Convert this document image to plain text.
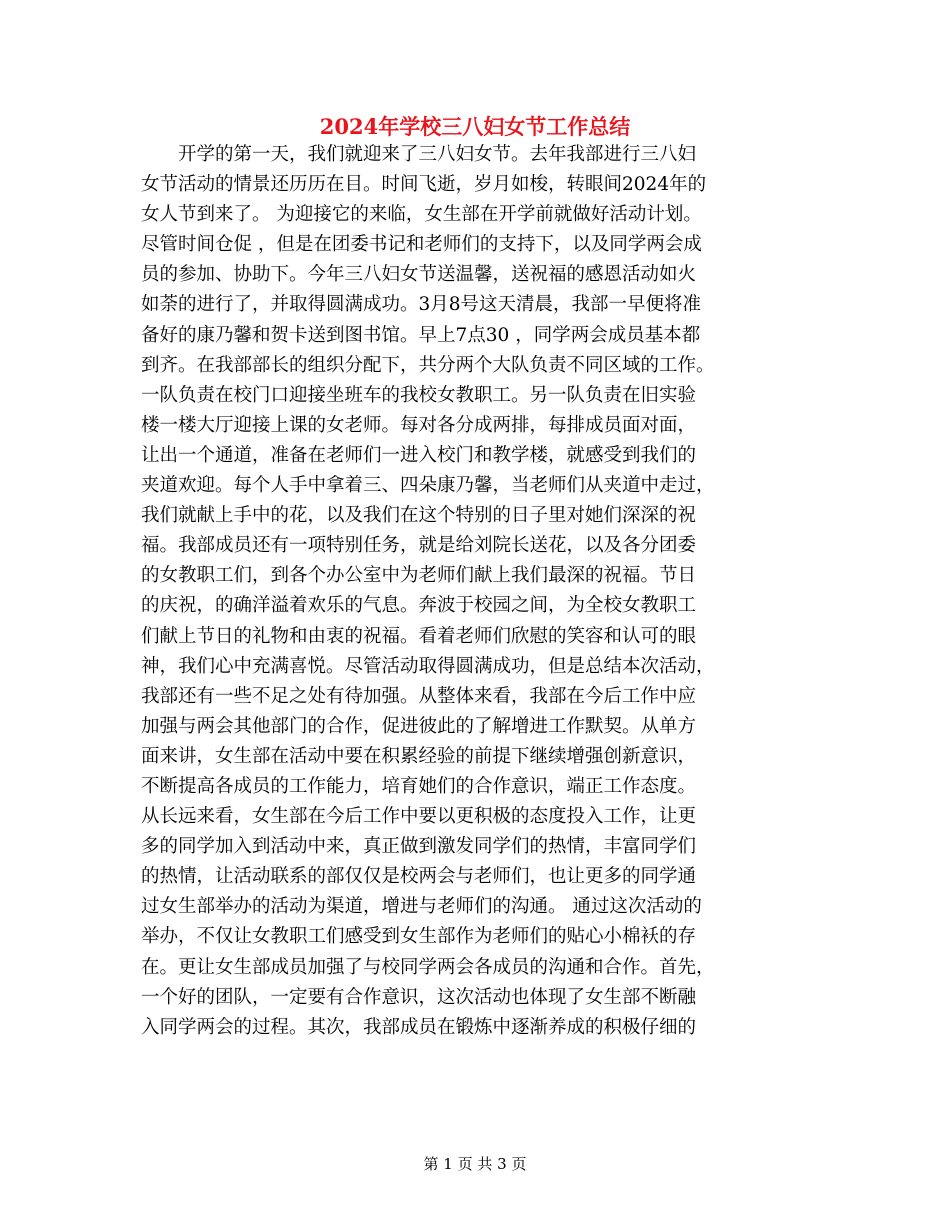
2024年学校三八妇女节工作总结
　　开学的第一天，我们就迎来了三八妇女节。去年我部进行三八妇
女节活动的情景还历历在目。时间飞逝，岁月如梭，转眼间2024年的
女人节到来了。 为迎接它的来临，女生部在开学前就做好活动计划。
尽管时间仓促 ，但是在团委书记和老师们的支持下，以及同学两会成
员的参加、协助下。今年三八妇女节送温馨，送祝福的感恩活动如火
如荼的进行了，并取得圆满成功。3月8号这天清晨，我部一早便将准
备好的康乃馨和贺卡送到图书馆。早上7点30 ，同学两会成员基本都
到齐。在我部部长的组织分配下，共分两个大队负责不同区域的工作。
一队负责在校门口迎接坐班车的我校女教职工。另一队负责在旧实验
楼一楼大厅迎接上课的女老师。每对各分成两排，每排成员面对面，
让出一个通道，准备在老师们一进入校门和教学楼，就感受到我们的
夹道欢迎。每个人手中拿着三、四朵康乃馨，当老师们从夹道中走过，
我们就献上手中的花，以及我们在这个特别的日子里对她们深深的祝
福。我部成员还有一项特别任务，就是给刘院长送花，以及各分团委
的女教职工们，到各个办公室中为老师们献上我们最深的祝福。节日
的庆祝，的确洋溢着欢乐的气息。奔波于校园之间，为全校女教职工
们献上节日的礼物和由衷的祝福。看着老师们欣慰的笑容和认可的眼
神，我们心中充满喜悦。尽管活动取得圆满成功，但是总结本次活动，
我部还有一些不足之处有待加强。从整体来看，我部在今后工作中应
加强与两会其他部门的合作，促进彼此的了解增进工作默契。从单方
面来讲，女生部在活动中要在积累经验的前提下继续增强创新意识，
不断提高各成员的工作能力，培育她们的合作意识，端正工作态度。
从长远来看，女生部在今后工作中要以更积极的态度投入工作，让更
多的同学加入到活动中来，真正做到激发同学们的热情，丰富同学们
的热情，让活动联系的部仅仅是校两会与老师们，也让更多的同学通
过女生部举办的活动为渠道，增进与老师们的沟通。 通过这次活动的
举办，不仅让女教职工们感受到女生部作为老师们的贴心小棉袄的存
在。更让女生部成员加强了与校同学两会各成员的沟通和合作。首先，
一个好的团队，一定要有合作意识，这次活动也体现了女生部不断融
入同学两会的过程。其次，我部成员在锻炼中逐渐养成的积极仔细的
第 1 页 共 3 页
